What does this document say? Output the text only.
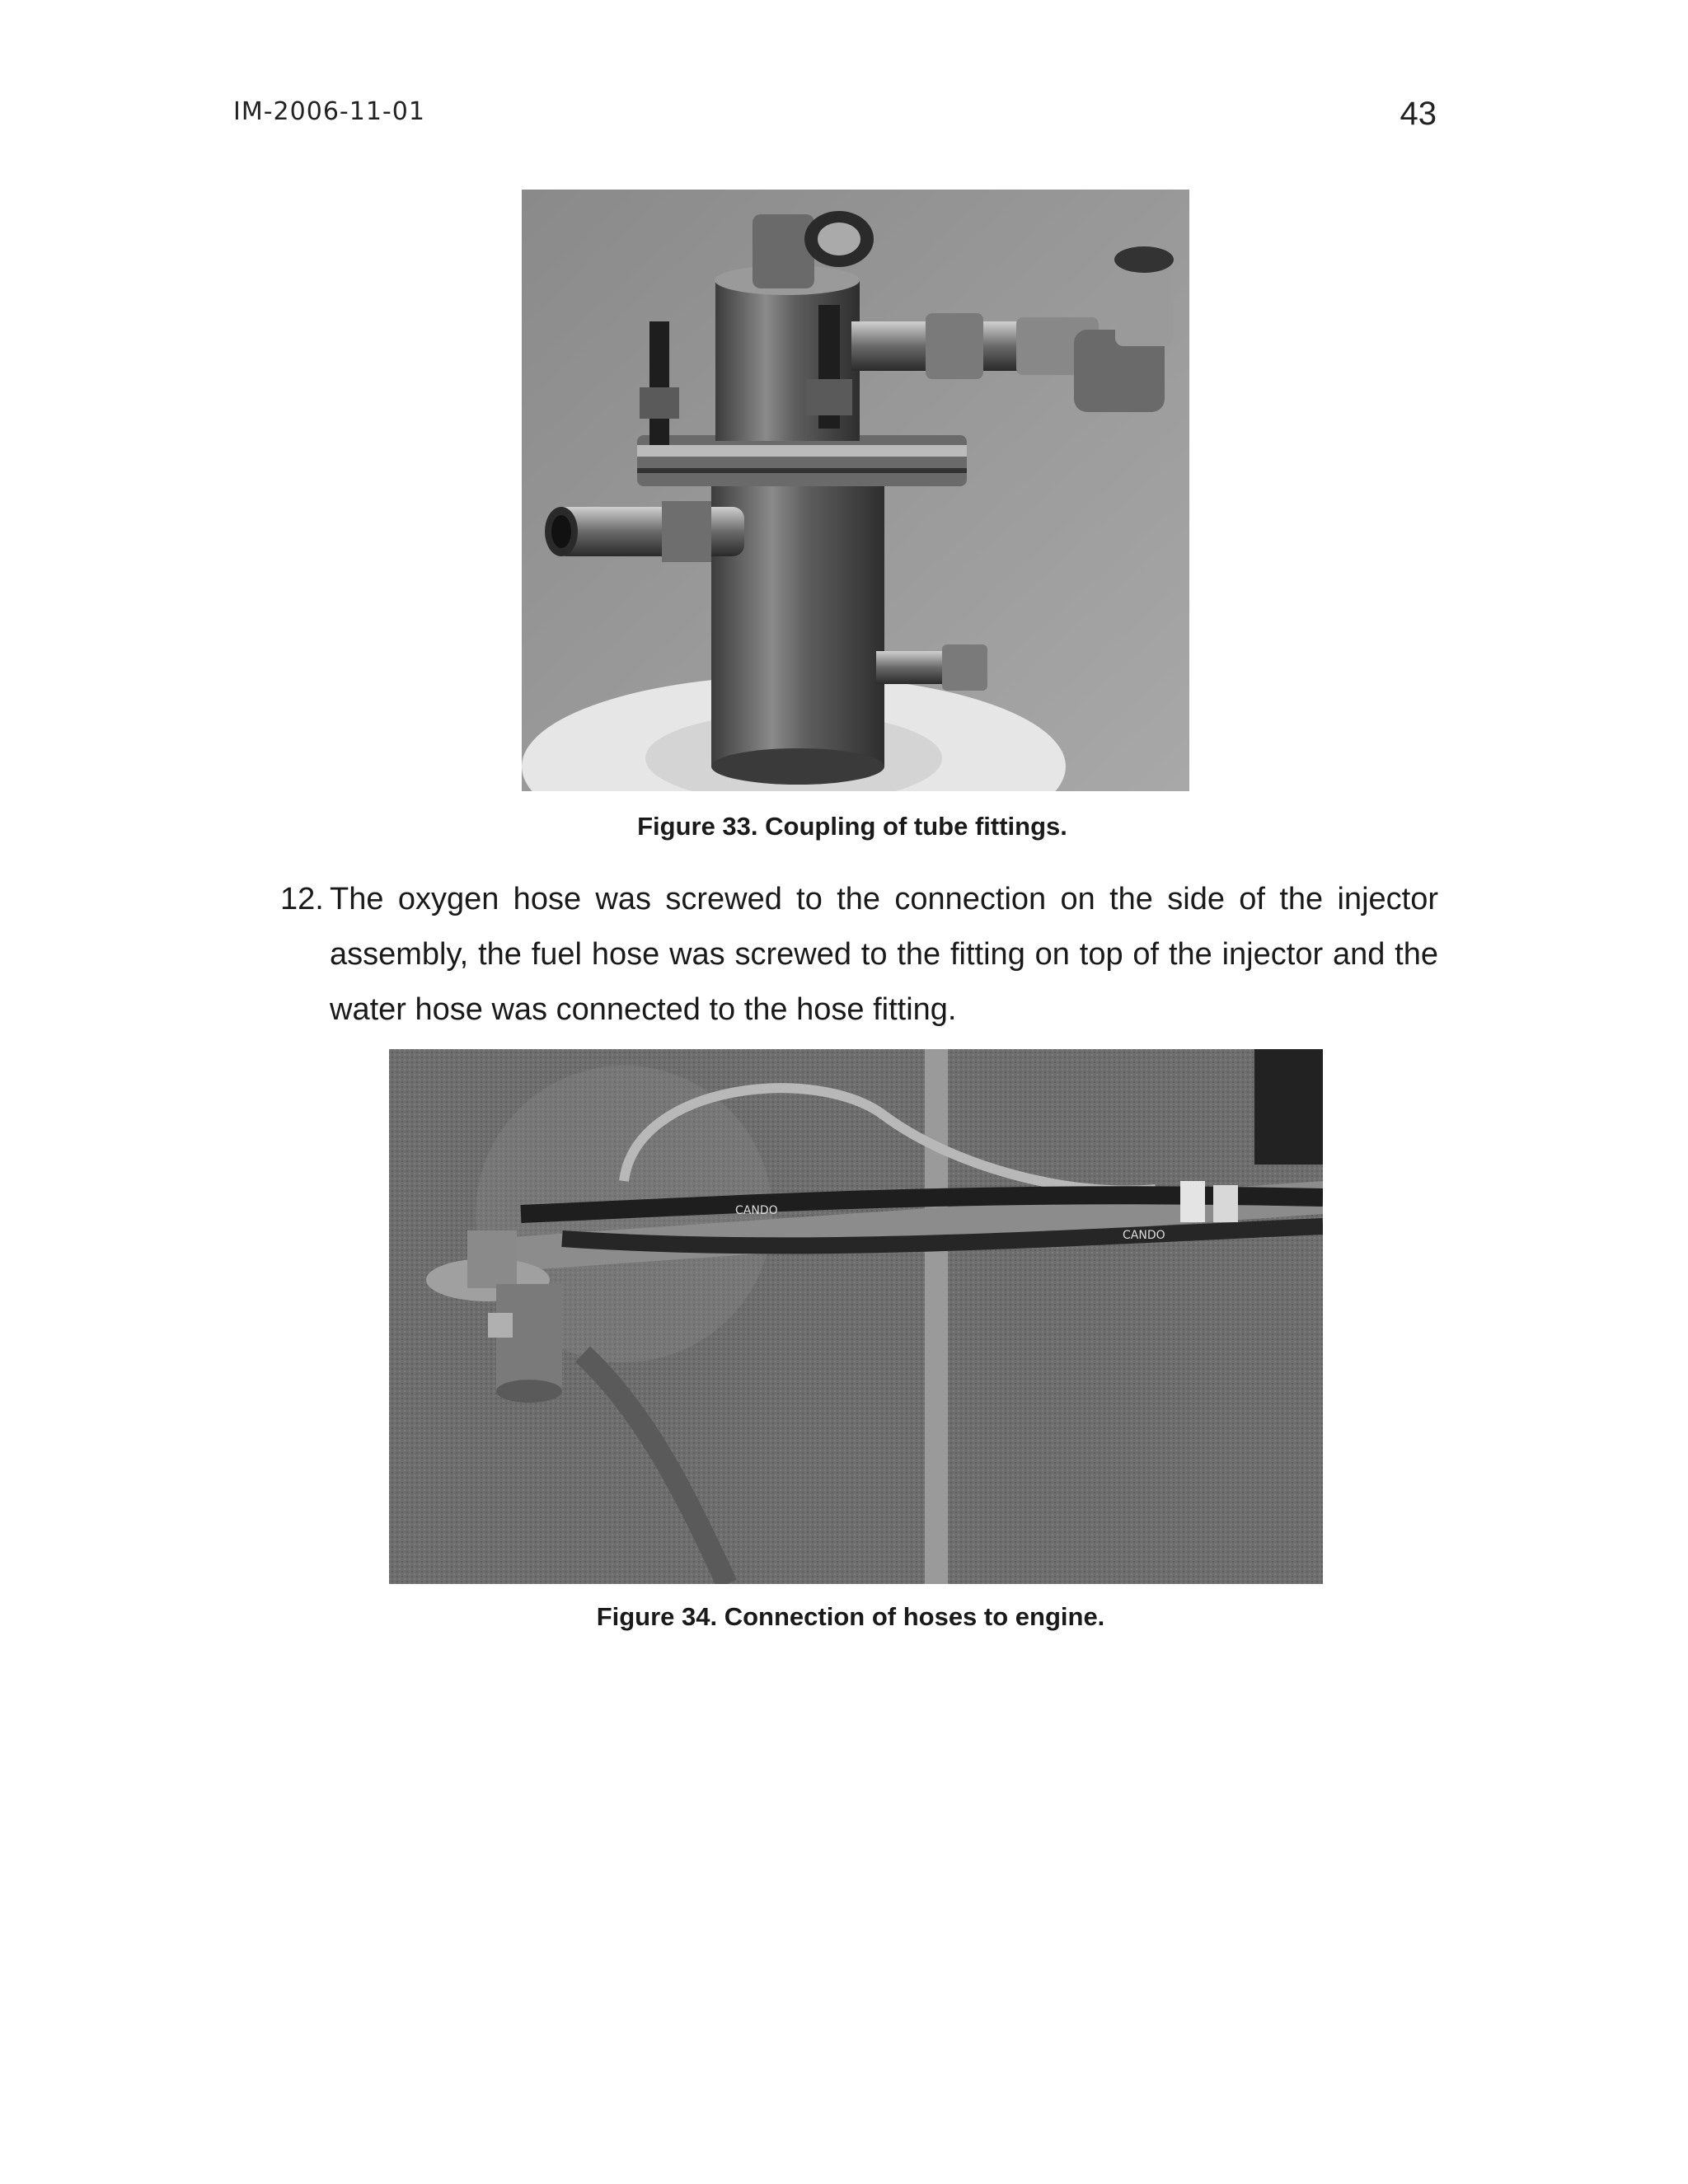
IM-2006-11-01	43
Figure 33. Coupling of tube fittings.
12. The oxygen hose was screwed to the connection on the side of the injector assembly, the fuel hose was screwed to the fitting on top of the injector and the water hose was connected to the hose fitting.
CANDO
CANDO
Figure 34. Connection of hoses to engine.
